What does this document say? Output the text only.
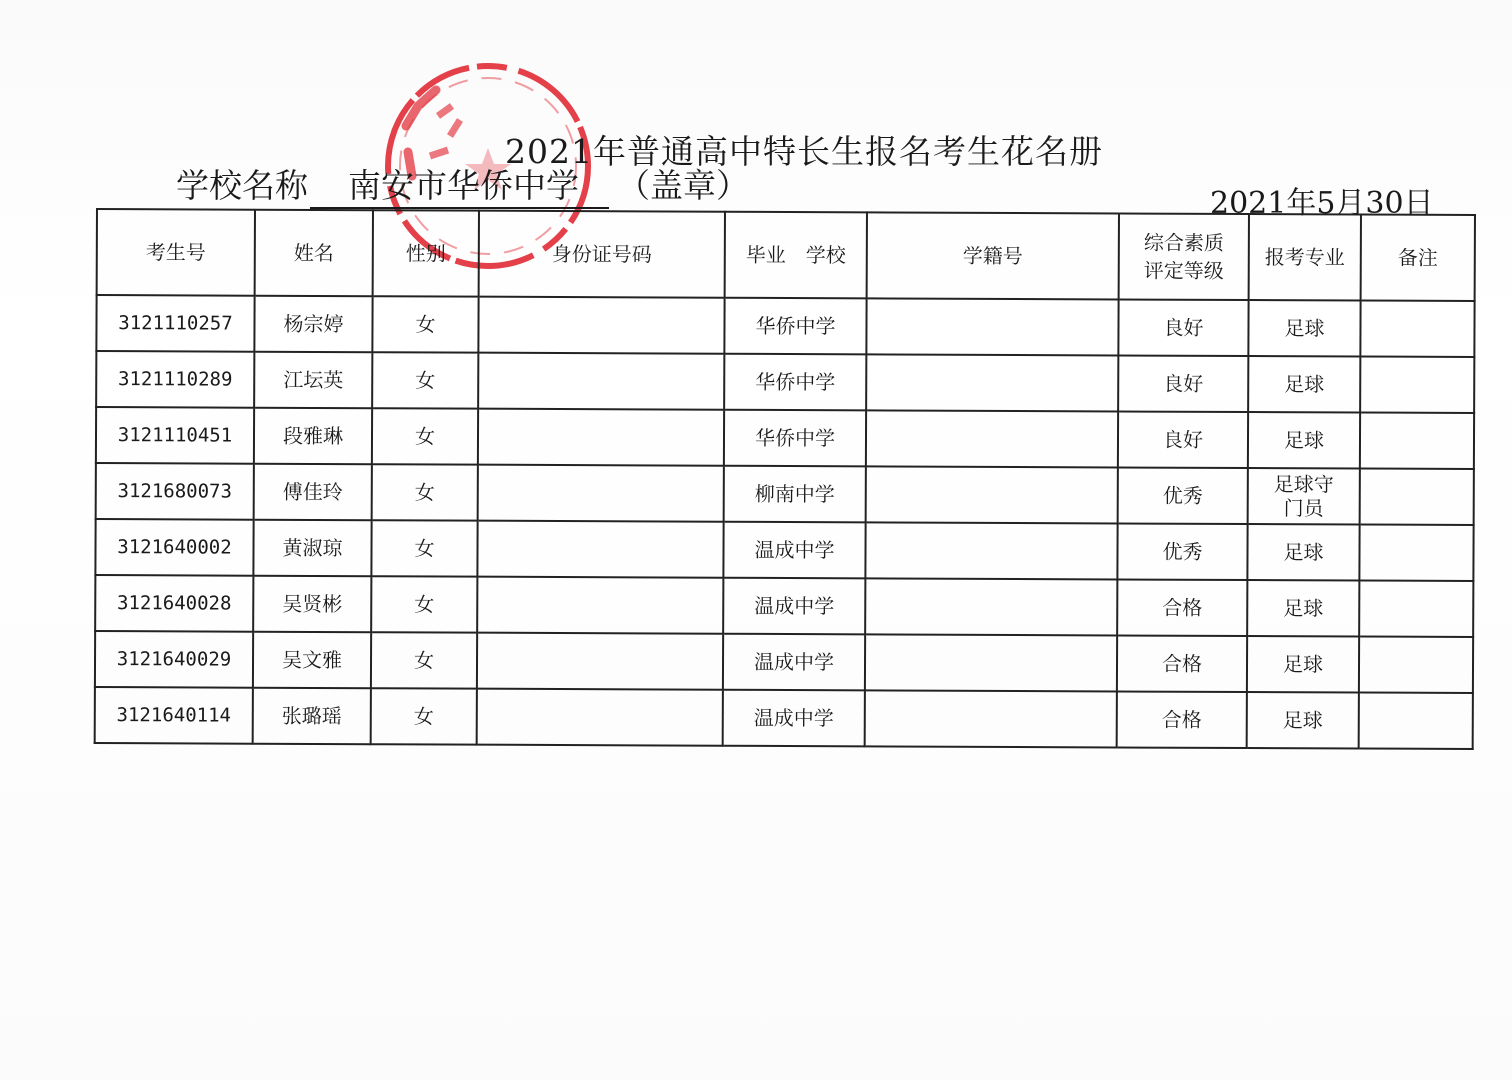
2021年普通高中特长生报名考生花名册
学校名称 南安市华侨中学 （盖章）	2021年5月30日
考生号	姓名	性别	身份证号码	毕业　学校	学籍号	综合素质评定等级	报考专业	备注
3121110257	杨宗婷	女		华侨中学		良好	足球	
3121110289	江坛英	女		华侨中学		良好	足球	
3121110451	段雅琳	女		华侨中学		良好	足球	
3121680073	傅佳玲	女		柳南中学		优秀	足球守门员	
3121640002	黄淑琼	女		温成中学		优秀	足球	
3121640028	吴贤彬	女		温成中学		合格	足球	
3121640029	吴文雅	女		温成中学		合格	足球	
3121640114	张璐瑶	女		温成中学		合格	足球	
